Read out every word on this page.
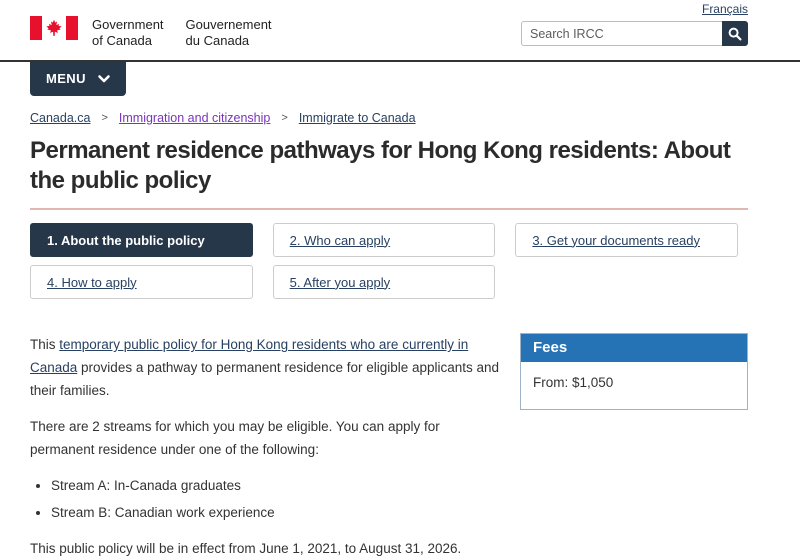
Français
Government
of Canada
Gouvernement
du Canada
Search IRCC
MENU
Canada.ca > Immigration and citizenship > Immigrate to Canada
Permanent residence pathways for Hong Kong residents: About the public policy
1. About the public policy	2. Who can apply	3. Get your documents ready
4. How to apply	5. After you apply

This temporary public policy for Hong Kong residents who are currently in Canada provides a pathway to permanent residence for eligible applicants and their families.

There are 2 streams for which you may be eligible. You can apply for permanent residence under one of the following:

• Stream A: In-Canada graduates
• Stream B: Canadian work experience

This public policy will be in effect from June 1, 2021, to August 31, 2026.

Fees
From: $1,050
